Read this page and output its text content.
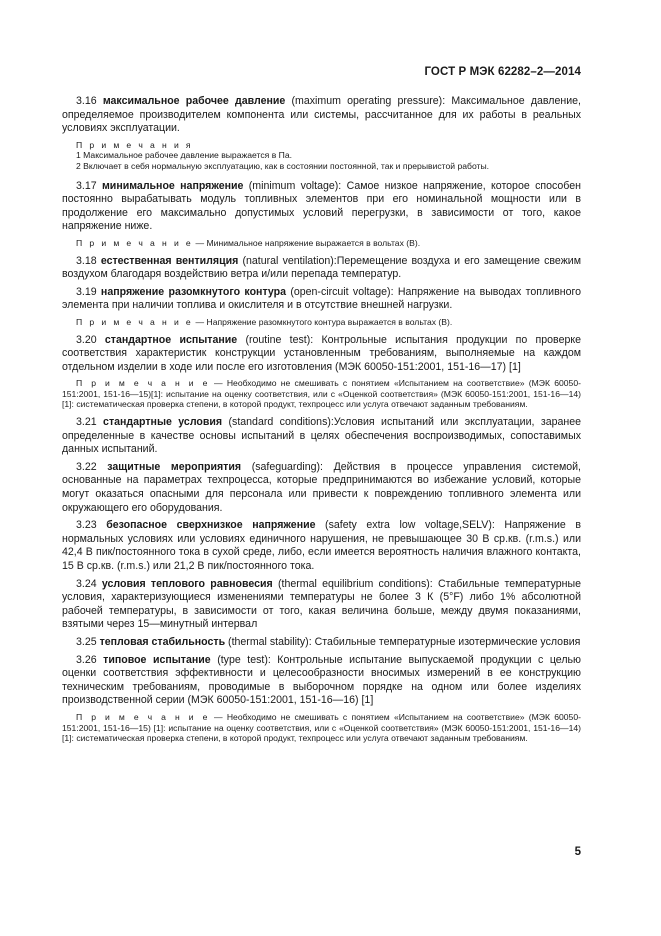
ГОСТ Р МЭК 62282–2—2014

3.16 максимальное рабочее давление (maximum operating pressure): Максимальное давление, определяемое производителем компонента или системы, рассчитанное для их работы в реальных условиях эксплуатации.

П р и м е ч а н и я
1 Максимальное рабочее давление выражается в Па.
2 Включает в себя нормальную эксплуатацию, как в состоянии постоянной, так и прерывистой работы.

3.17 минимальное напряжение (minimum voltage): Самое низкое напряжение, которое способен постоянно вырабатывать модуль топливных элементов при его номинальной мощности или в продолжение его максимально допустимых условий перегрузки, в зависимости от того, какое напряжение ниже.

П р и м е ч а н и е — Минимальное напряжение выражается в вольтах (В).

3.18 естественная вентиляция (natural ventilation):Перемещение воздуха и его замещение свежим воздухом благодаря воздействию ветра и/или перепада температур.

3.19 напряжение разомкнутого контура (open-circuit voltage): Напряжение на выводах топливного элемента при наличии топлива и окислителя и в отсутствие внешней нагрузки.

П р и м е ч а н и е — Напряжение разомкнутого контура выражается в вольтах (В).

3.20 стандартное испытание (routine test): Контрольные испытания продукции по проверке соответствия характеристик конструкции установленным требованиям, выполняемые на каждом отдельном изделии в ходе или после его изготовления (МЭК 60050-151:2001, 151-16—17) [1]

П р и м е ч а н и е — Необходимо не смешивать с понятием «Испытанием на соответствие» (МЭК 60050-151:2001, 151-16—15)[1]: испытание на оценку соответствия, или с «Оценкой соответствия» (МЭК 60050-151:2001, 151-16—14)[1]: систематическая проверка степени, в которой продукт, техпроцесс или услуга отвечают заданным требованиям.

3.21 стандартные условия (standard conditions):Условия испытаний или эксплуатации, заранее определенные в качестве основы испытаний в целях обеспечения воспроизводимых, сопоставимых данных испытаний.

3.22 защитные мероприятия (safeguarding): Действия в процессе управления системой, основанные на параметрах техпроцесса, которые предпринимаются во избежание условий, которые могут оказаться опасными для персонала или привести к повреждению топливного элемента или окружающего его оборудования.

3.23 безопасное сверхнизкое напряжение (safety extra low voltage,SELV): Напряжение в нормальных условиях или условиях единичного нарушения, не превышающее 30 В ср.кв. (r.m.s.) или 42,4 В пик/постоянного тока в сухой среде, либо, если имеется вероятность наличия влажного контакта, 15 В ср.кв. (r.m.s.) или 21,2 В пик/постоянного тока.

3.24 условия теплового равновесия (thermal equilibrium conditions): Стабильные температурные условия, характеризующиеся изменениями температуры не более 3 К (5°F) либо 1% абсолютной рабочей температуры, в зависимости от того, какая величина больше, между двумя показаниями, взятыми через 15—минутный интервал

3.25 тепловая стабильность (thermal stability): Стабильные температурные изотермические условия

3.26 типовое испытание (type test): Контрольные испытание выпускаемой продукции с целью оценки соответствия эффективности и целесообразности вносимых измерений в ее конструкцию техническим требованиям, проводимые в выборочном порядке на одном или более изделиях производственной серии (МЭК 60050-151:2001, 151-16—16) [1]

П р и м е ч а н и е — Необходимо не смешивать с понятием «Испытанием на соответствие» (МЭК 60050-151:2001, 151-16—15) [1]: испытание на оценку соответствия, или с «Оценкой соответствия» (МЭК 60050-151:2001, 151-16—14) [1]: систематическая проверка степени, в которой продукт, техпроцесс или услуга отвечают заданным требованиям.

5
